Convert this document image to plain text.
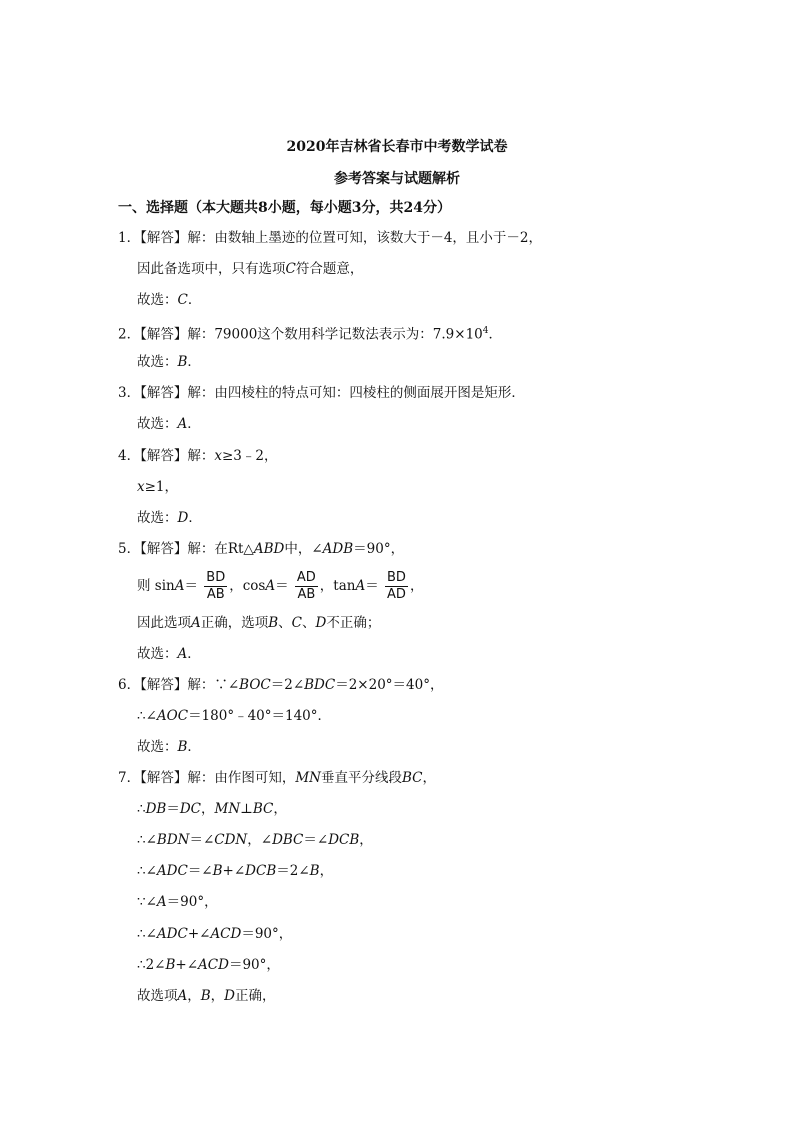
2020年吉林省长春市中考数学试卷
参考答案与试题解析
一、选择题（本大题共8小题，每小题3分，共24分）
1．【解答】解：由数轴上墨迹的位置可知，该数大于－4，且小于－2，
因此备选项中，只有选项C符合题意，
故选：C．
2．【解答】解：79000这个数用科学记数法表示为：$7.9\times 10^4$．
故选：B．
3．【解答】解：由四棱柱的特点可知：四棱柱的侧面展开图是矩形．
故选：A．
4．【解答】解：x≥3﹣2，
x≥1，
故选：D．
5．【解答】解：在Rt△ABD中，∠ADB＝90°，
则 $\sin A= \frac{BD}{AB}$ ，$\cos A= \frac{AD}{AB}$ ，$\tan A= \frac{BD}{AD}$ ，
因此选项A正确，选项B、C、D不正确；
故选：A．
6．【解答】解：∵∠BOC＝2∠BDC＝2×20°＝40°，
∴∠AOC＝180°﹣40°＝140°．
故选：B．
7．【解答】解：由作图可知，MN垂直平分线段BC，
∴DB＝DC，MN⊥BC，
∴∠BDN＝∠CDN，∠DBC＝∠DCB，
∴∠ADC＝∠B+∠DCB＝2∠B，
∵∠A＝90°，
∴∠ADC+∠ACD＝90°，
∴2∠B+∠ACD＝90°，
故选项A，B，D正确，
